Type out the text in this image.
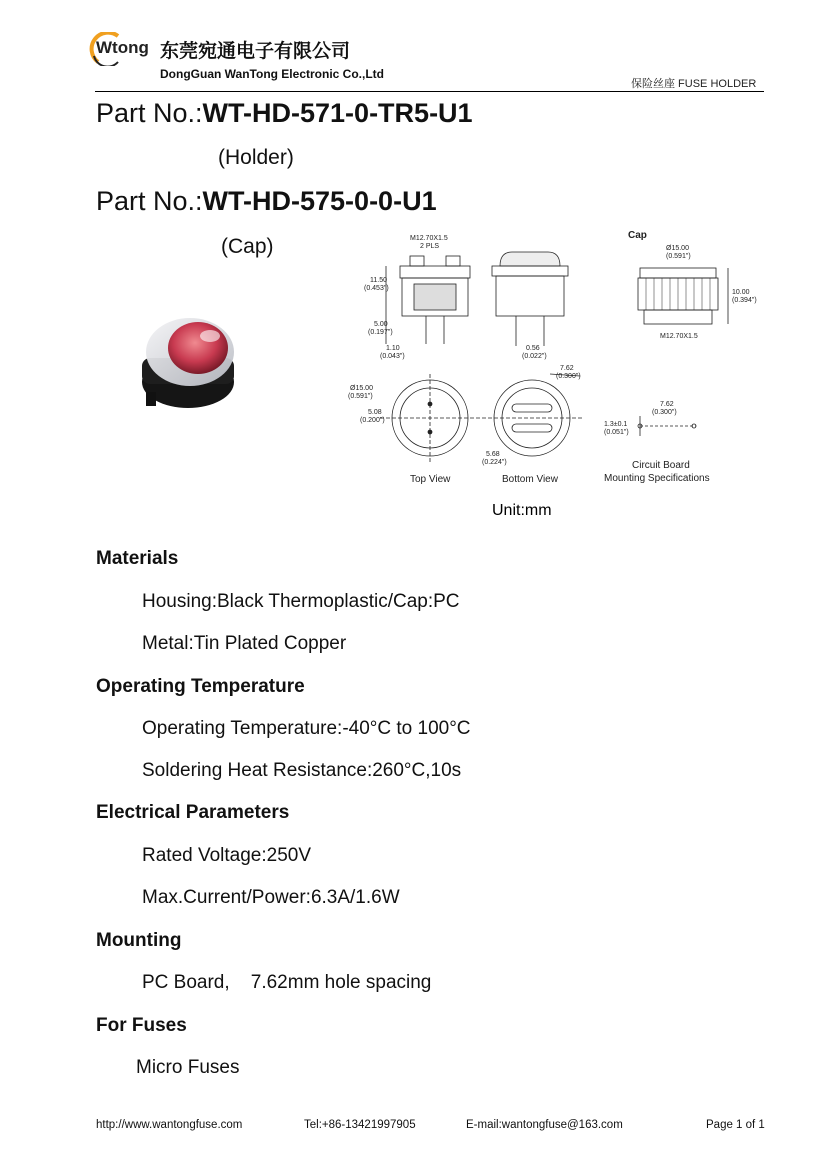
Wtong 东莞宛通电子有限公司
DongGuan WanTong Electronic Co.,Ltd
保险丝座 FUSE HOLDER
Part No.:WT-HD-571-0-TR5-U1
(Holder)
Part No.:WT-HD-575-0-0-U1
(Cap)	M12.70X1.5
2 PLS
11.50
(0.453")
5.00
(0.197")
1.10
(0.043")
0.56
(0.022")
Cap
Ø15.00
(0.591")
10.00
(0.394")
M12.70X1.5
Ø15.00
(0.591")
5.08
(0.200")
Top View
7.62
(0.300")
5.68
(0.224")
Bottom View
7.62
(0.300")
1.3±0.1
(0.051")
Circuit Board
Mounting Specifications
Unit:mm
Materials
Housing:Black Thermoplastic/Cap:PC
Metal:Tin Plated Copper
Operating Temperature
Operating Temperature:-40°C to 100°C
Soldering Heat Resistance:260°C,10s
Electrical Parameters
Rated Voltage:250V
Max.Current/Power:6.3A/1.6W
Mounting
PC Board,    7.62mm hole spacing
For Fuses
Micro Fuses
http://www.wantongfuse.com	Tel:+86-13421997905	E-mail:wantongfuse@163.com	Page 1 of 1
